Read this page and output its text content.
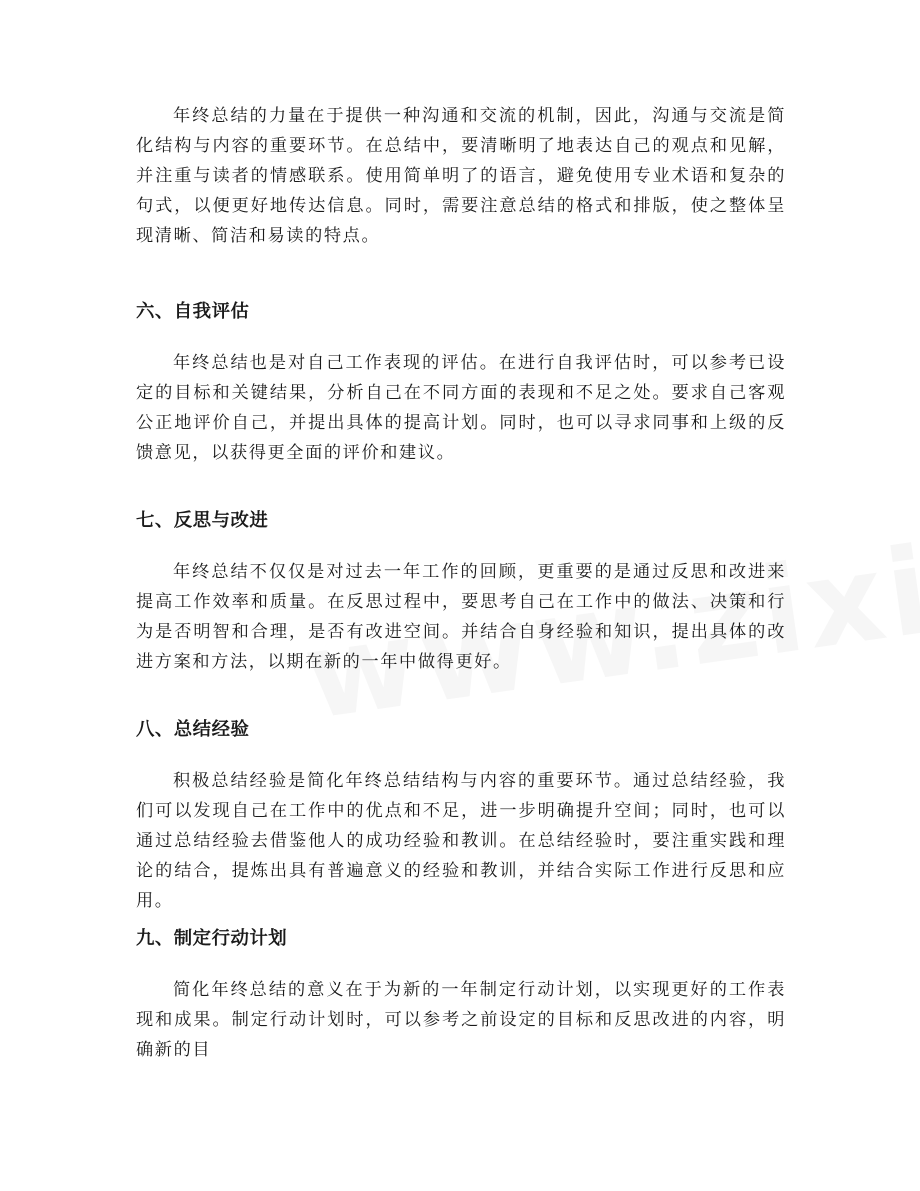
年终总结的力量在于提供一种沟通和交流的机制，因此，沟通与交流是简化结构与内容的重要环节。在总结中，要清晰明了地表达自己的观点和见解，并注重与读者的情感联系。使用简单明了的语言，避免使用专业术语和复杂的句式，以便更好地传达信息。同时，需要注意总结的格式和排版，使之整体呈现清晰、简洁和易读的特点。

六、自我评估

年终总结也是对自己工作表现的评估。在进行自我评估时，可以参考已设定的目标和关键结果，分析自己在不同方面的表现和不足之处。要求自己客观公正地评价自己，并提出具体的提高计划。同时，也可以寻求同事和上级的反馈意见，以获得更全面的评价和建议。

七、反思与改进

年终总结不仅仅是对过去一年工作的回顾，更重要的是通过反思和改进来提高工作效率和质量。在反思过程中，要思考自己在工作中的做法、决策和行为是否明智和合理，是否有改进空间。并结合自身经验和知识，提出具体的改进方案和方法，以期在新的一年中做得更好。

八、总结经验

积极总结经验是简化年终总结结构与内容的重要环节。通过总结经验，我们可以发现自己在工作中的优点和不足，进一步明确提升空间；同时，也可以通过总结经验去借鉴他人的成功经验和教训。在总结经验时，要注重实践和理论的结合，提炼出具有普遍意义的经验和教训，并结合实际工作进行反思和应用。

九、制定行动计划

简化年终总结的意义在于为新的一年制定行动计划，以实现更好的工作表现和成果。制定行动计划时，可以参考之前设定的目标和反思改进的内容，明确新的目
